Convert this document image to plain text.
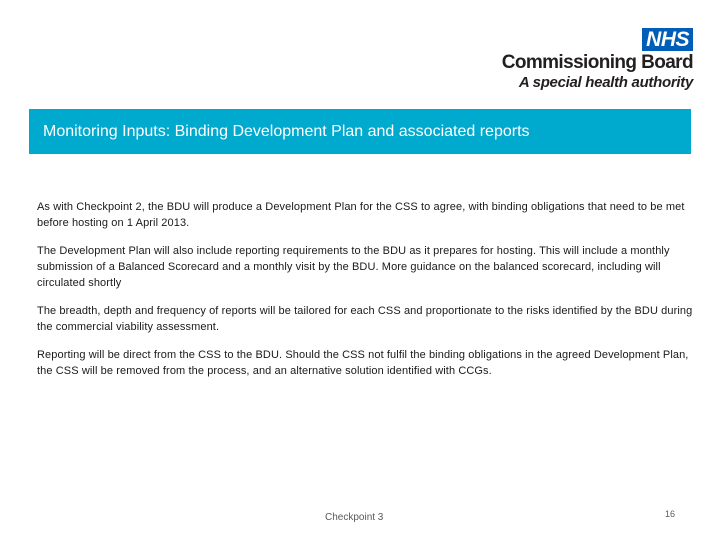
NHS
Commissioning Board
A special health authority
Monitoring Inputs: Binding Development Plan and associated reports

As with Checkpoint 2, the BDU will produce a Development Plan for the CSS to agree, with binding obligations that need to be met before hosting on 1 April 2013.

The Development Plan will also include reporting requirements to the BDU as it prepares for hosting. This will include a monthly submission of a Balanced Scorecard and a monthly visit by the BDU. More guidance on the balanced scorecard, including will circulated shortly

The breadth, depth and frequency of reports will be tailored for each CSS and proportionate to the risks identified by the BDU during the commercial viability assessment.

Reporting will be direct from the CSS to the BDU. Should the CSS not fulfil the binding obligations in the agreed Development Plan, the CSS will be removed from the process, and an alternative solution identified with CCGs.

Checkpoint 3	16
